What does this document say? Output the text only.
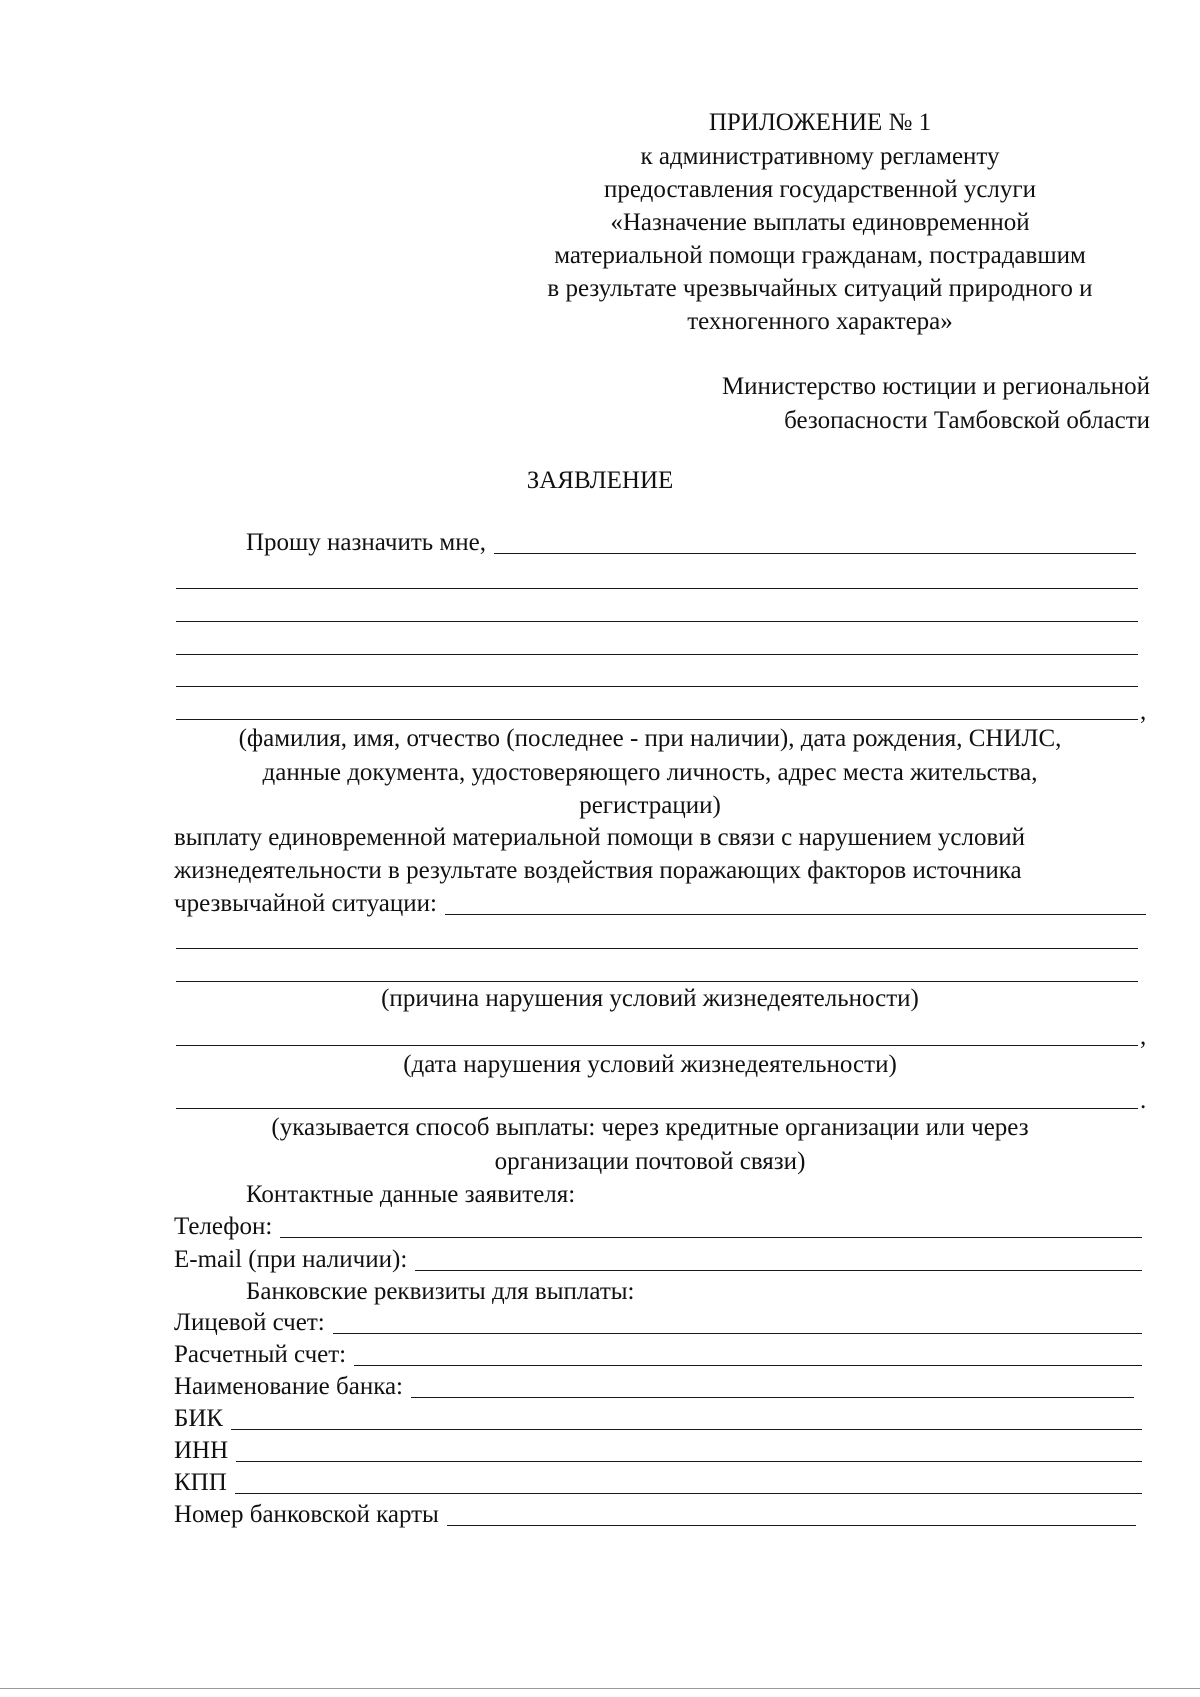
ПРИЛОЖЕНИЕ № 1
к административному регламенту
предоставления государственной услуги
«Назначение выплаты единовременной
материальной помощи гражданам, пострадавшим
в результате чрезвычайных ситуаций природного и
техногенного характера»
Министерство юстиции и региональной
безопасности Тамбовской области
ЗАЯВЛЕНИЕ
Прошу назначить мне,
,
(фамилия, имя, отчество (последнее - при наличии), дата рождения, СНИЛС,
данные документа, удостоверяющего личность, адрес места жительства,
регистрации)
выплату единовременной материальной помощи в связи с нарушением условий
жизнедеятельности в результате воздействия поражающих факторов источника
чрезвычайной ситуации:
(причина нарушения условий жизнедеятельности)
,
(дата нарушения условий жизнедеятельности)
.
(указывается способ выплаты: через кредитные организации или через
организации почтовой связи)
Контактные данные заявителя:
Телефон:
E-mail (при наличии):
Банковские реквизиты для выплаты:
Лицевой счет:
Расчетный счет:
Наименование банка:
БИК
ИНН
КПП
Номер банковской карты
